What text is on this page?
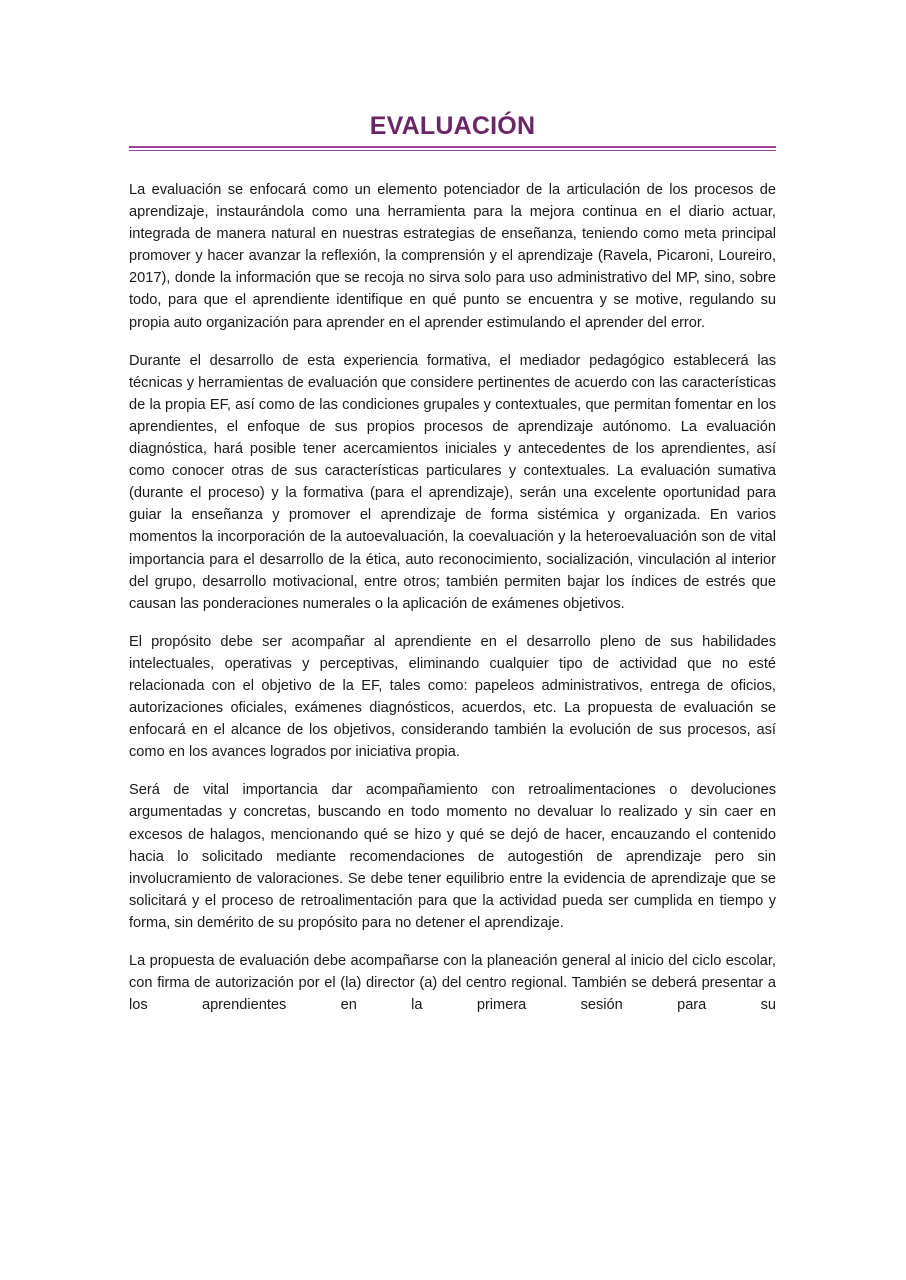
EVALUACIÓN

La evaluación se enfocará como un elemento potenciador de la articulación de los procesos de aprendizaje, instaurándola como una herramienta para la mejora continua en el diario actuar, integrada de manera natural en nuestras estrategias de enseñanza, teniendo como meta principal promover y hacer avanzar la reflexión, la comprensión y el aprendizaje (Ravela, Picaroni, Loureiro, 2017), donde la información que se recoja no sirva solo para uso administrativo del MP, sino, sobre todo, para que el aprendiente identifique en qué punto se encuentra y se motive, regulando su propia auto organización para aprender en el aprender estimulando el aprender del error.

Durante el desarrollo de esta experiencia formativa, el mediador pedagógico establecerá las técnicas y herramientas de evaluación que considere pertinentes de acuerdo con las características de la propia EF, así como de las condiciones grupales y contextuales, que permitan fomentar en los aprendientes, el enfoque de sus propios procesos de aprendizaje autónomo. La evaluación diagnóstica, hará posible tener acercamientos iniciales y antecedentes de los aprendientes, así como conocer otras de sus características particulares y contextuales. La evaluación sumativa (durante el proceso) y la formativa (para el aprendizaje), serán una excelente oportunidad para guiar la enseñanza y promover el aprendizaje de forma sistémica y organizada. En varios momentos la incorporación de la autoevaluación, la coevaluación y la heteroevaluación son de vital importancia para el desarrollo de la ética, auto reconocimiento, socialización, vinculación al interior del grupo, desarrollo motivacional, entre otros; también permiten bajar los índices de estrés que causan las ponderaciones numerales o la aplicación de exámenes objetivos.

El propósito debe ser acompañar al aprendiente en el desarrollo pleno de sus habilidades intelectuales, operativas y perceptivas, eliminando cualquier tipo de actividad que no esté relacionada con el objetivo de la EF, tales como: papeleos administrativos, entrega de oficios, autorizaciones oficiales, exámenes diagnósticos, acuerdos, etc. La propuesta de evaluación se enfocará en el alcance de los objetivos, considerando también la evolución de sus procesos, así como en los avances logrados por iniciativa propia.

Será de vital importancia dar acompañamiento con retroalimentaciones o devoluciones argumentadas y concretas, buscando en todo momento no devaluar lo realizado y sin caer en excesos de halagos, mencionando qué se hizo y qué se dejó de hacer, encauzando el contenido hacia lo solicitado mediante recomendaciones de autogestión de aprendizaje pero sin involucramiento de valoraciones. Se debe tener equilibrio entre la evidencia de aprendizaje que se solicitará y el proceso de retroalimentación para que la actividad pueda ser cumplida en tiempo y forma, sin demérito de su propósito para no detener el aprendizaje.

La propuesta de evaluación debe acompañarse con la planeación general al inicio del ciclo escolar, con firma de autorización por el (la) director (a) del centro regional. También se deberá presentar a los aprendientes en la primera sesión para su
